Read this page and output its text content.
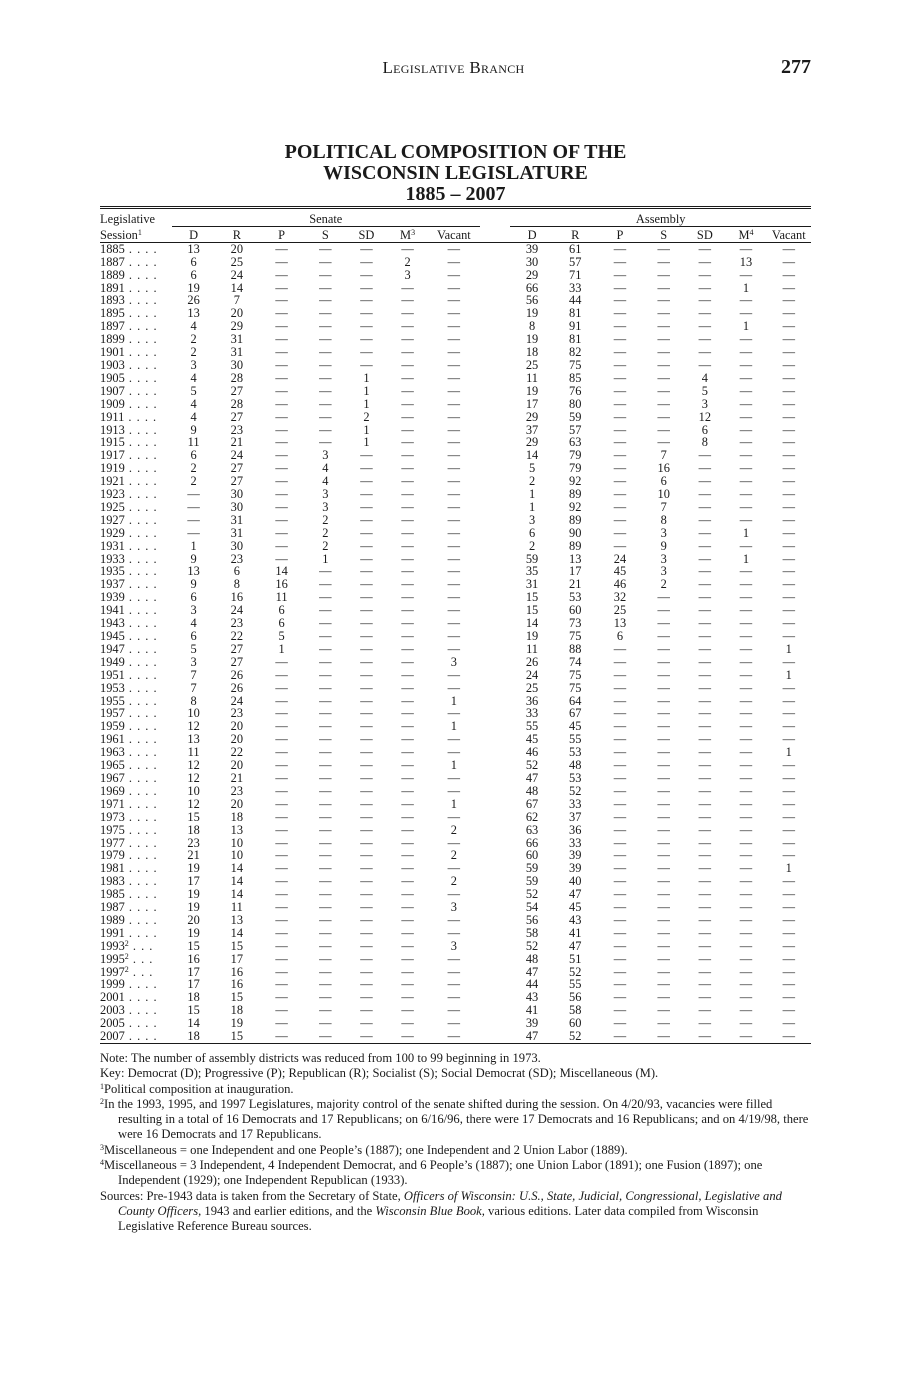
Legislative Branch	277
POLITICAL COMPOSITION OF THE
WISCONSIN LEGISLATURE
1885 – 2007
Legislative	Senate								Assembly						
Session$^1$	D	R	P	S	SD	$M^3$	Vacant		D	R	P	S	SD	$M^4$	Vacant
1885 . . . .	13	20	—	—	—	—	—		39	61	—	—	—	—	—
1887 . . . .	6	25	—	—	—	2	—		30	57	—	—	—	13	—
1889 . . . .	6	24	—	—	—	3	—		29	71	—	—	—	—	—
1891 . . . .	19	14	—	—	—	—	—		66	33	—	—	—	1	—
1893 . . . .	26	7	—	—	—	—	—		56	44	—	—	—	—	—
1895 . . . .	13	20	—	—	—	—	—		19	81	—	—	—	—	—
1897 . . . .	4	29	—	—	—	—	—		8	91	—	—	—	1	—
1899 . . . .	2	31	—	—	—	—	—		19	81	—	—	—	—	—
1901 . . . .	2	31	—	—	—	—	—		18	82	—	—	—	—	—
1903 . . . .	3	30	—	—	—	—	—		25	75	—	—	—	—	—
1905 . . . .	4	28	—	—	1	—	—		11	85	—	—	4	—	—
1907 . . . .	5	27	—	—	1	—	—		19	76	—	—	5	—	—
1909 . . . .	4	28	—	—	1	—	—		17	80	—	—	3	—	—
1911 . . . .	4	27	—	—	2	—	—		29	59	—	—	12	—	—
1913 . . . .	9	23	—	—	1	—	—		37	57	—	—	6	—	—
1915 . . . .	11	21	—	—	1	—	—		29	63	—	—	8	—	—
1917 . . . .	6	24	—	3	—	—	—		14	79	—	7	—	—	—
1919 . . . .	2	27	—	4	—	—	—		5	79	—	16	—	—	—
1921 . . . .	2	27	—	4	—	—	—		2	92	—	6	—	—	—
1923 . . . .	—	30	—	3	—	—	—		1	89	—	10	—	—	—
1925 . . . .	—	30	—	3	—	—	—		1	92	—	7	—	—	—
1927 . . . .	—	31	—	2	—	—	—		3	89	—	8	—	—	—
1929 . . . .	—	31	—	2	—	—	—		6	90	—	3	—	1	—
1931 . . . .	1	30	—	2	—	—	—		2	89	—	9	—	—	—
1933 . . . .	9	23	—	1	—	—	—		59	13	24	3	—	1	—
1935 . . . .	13	6	14	—	—	—	—		35	17	45	3	—	—	—
1937 . . . .	9	8	16	—	—	—	—		31	21	46	2	—	—	—
1939 . . . .	6	16	11	—	—	—	—		15	53	32	—	—	—	—
1941 . . . .	3	24	6	—	—	—	—		15	60	25	—	—	—	—
1943 . . . .	4	23	6	—	—	—	—		14	73	13	—	—	—	—
1945 . . . .	6	22	5	—	—	—	—		19	75	6	—	—	—	—
1947 . . . .	5	27	1	—	—	—	—		11	88	—	—	—	—	1
1949 . . . .	3	27	—	—	—	—	3		26	74	—	—	—	—	—
1951 . . . .	7	26	—	—	—	—	—		24	75	—	—	—	—	1
1953 . . . .	7	26	—	—	—	—	—		25	75	—	—	—	—	—
1955 . . . .	8	24	—	—	—	—	1		36	64	—	—	—	—	—
1957 . . . .	10	23	—	—	—	—	—		33	67	—	—	—	—	—
1959 . . . .	12	20	—	—	—	—	1		55	45	—	—	—	—	—
1961 . . . .	13	20	—	—	—	—	—		45	55	—	—	—	—	—
1963 . . . .	11	22	—	—	—	—	—		46	53	—	—	—	—	1
1965 . . . .	12	20	—	—	—	—	1		52	48	—	—	—	—	—
1967 . . . .	12	21	—	—	—	—	—		47	53	—	—	—	—	—
1969 . . . .	10	23	—	—	—	—	—		48	52	—	—	—	—	—
1971 . . . .	12	20	—	—	—	—	1		67	33	—	—	—	—	—
1973 . . . .	15	18	—	—	—	—	—		62	37	—	—	—	—	—
1975 . . . .	18	13	—	—	—	—	2		63	36	—	—	—	—	—
1977 . . . .	23	10	—	—	—	—	—		66	33	—	—	—	—	—
1979 . . . .	21	10	—	—	—	—	2		60	39	—	—	—	—	—
1981 . . . .	19	14	—	—	—	—	—		59	39	—	—	—	—	1
1983 . . . .	17	14	—	—	—	—	2		59	40	—	—	—	—	—
1985 . . . .	19	14	—	—	—	—	—		52	47	—	—	—	—	—
1987 . . . .	19	11	—	—	—	—	3		54	45	—	—	—	—	—
1989 . . . .	20	13	—	—	—	—	—		56	43	—	—	—	—	—
1991 . . . .	19	14	—	—	—	—	—		58	41	—	—	—	—	—
1993$^2$ . . .	15	15	—	—	—	—	3		52	47	—	—	—	—	—
1995$^2$ . . .	16	17	—	—	—	—	—		48	51	—	—	—	—	—
1997$^2$ . . .	17	16	—	—	—	—	—		47	52	—	—	—	—	—
1999 . . . .	17	16	—	—	—	—	—		44	55	—	—	—	—	—
2001 . . . .	18	15	—	—	—	—	—		43	56	—	—	—	—	—
2003 . . . .	15	18	—	—	—	—	—		41	58	—	—	—	—	—
2005 . . . .	14	19	—	—	—	—	—		39	60	—	—	—	—	—
2007 . . . .	18	15	—	—	—	—	—		47	52	—	—	—	—	—

Note: The number of assembly districts was reduced from 100 to 99 beginning in 1973.

Key: Democrat (D); Progressive (P); Republican (R); Socialist (S); Social Democrat (SD); Miscellaneous (M).

$^1$Political composition at inauguration.

$^2$In the 1993, 1995, and 1997 Legislatures, majority control of the senate shifted during the session. On 4/20/93, vacancies were filled resulting in a total of 16 Democrats and 17 Republicans; on 6/16/96, there were 17 Democrats and 16 Republicans; and on 4/19/98, there were 16 Democrats and 17 Republicans.

$^3$Miscellaneous = one Independent and one People’s (1887); one Independent and 2 Union Labor (1889).

$^4$Miscellaneous = 3 Independent, 4 Independent Democrat, and 6 People’s (1887); one Union Labor (1891); one Fusion (1897); one Independent (1929); one Independent Republican (1933).

Sources: Pre-1943 data is taken from the Secretary of State, Officers of Wisconsin: U.S., State, Judicial, Congressional, Legislative and County Officers, 1943 and earlier editions, and the Wisconsin Blue Book, various editions. Later data compiled from Wisconsin Legislative Reference Bureau sources.
